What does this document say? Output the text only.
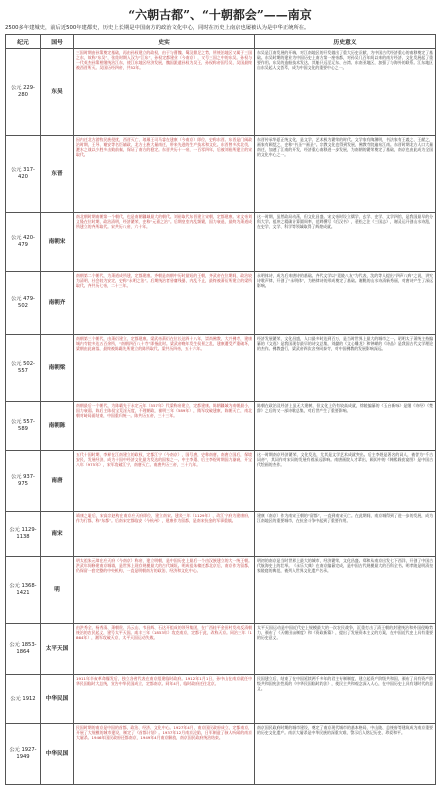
“六朝古都”、“十朝都会”——南京
2500多年建城史，前后近500年建都史，历史上长期是中国南方的政治文化中心，同时在历史上南京也屡被认为是中华正统所在。
纪元	国号	史实	历史意义
公元 229-280	东吴	三国时期由孙策奠定基础，再由孙权建立的政权，由于与曹魏、蜀汉鼎足之势，所统治地区又属于三国之东，故称“东吴”，张纮时期入汉为“江东”，孙权定都建业（今南京），又号三国之中的东吴。孙权与一代英杰孙策相继统治江东，使江东地区经济发展，魏国派遣孙权为吴王，孙权称帝国号吴，吴国最终被西晋所灭。吴国历经四帝，共52年。	东吴是江南发展的开端，对江南地区的开发做出了重大历史贡献，为中国古代经济重心的南移奠定了基础。东吴时期的建业为中国历史上南方第一座帝都，对孙吴几百年间以来的南方经济、文化发展起了重要作用。东吴的造船技术发达，其船只远至辽东、台湾、东南亚地区，加强了与海外的联系。江东地区自东吴起人文荟萃，成为中国文化的重要中心之一。

公元 317-420	东晋	因内迁北方游牧民族侵扰，西晋灭亡，琅琊王司马睿在建康（今南京）即位，史称东晋。东晋是门阀政治时期，王导、谢安等名臣辅政，北方士族大量南迁，带来先进的生产技术和文化。东晋曾多次北伐，淝水之战以少胜多击败前秦，保证了南方的稳定。东晋共历十一帝，一百零四年，后被刘裕所建立的宋取代。	东晋传承华夏正统文化，是文学、艺术极为繁荣的时代。文学家有陶渊明，书法家有王羲之、王献之，画家有顾恺之，史称“书圣”“画圣”。宗教文化也得到发展，佛教寺院遍布江南。东晋时期北方人口大量南迁，加速了江南的开发，经济重心南移进一步发展，为南朝的繁荣奠定了基础，南京也由此成为全国的文化中心之一。

公元 420-479	南朝宋	南北朝时期南朝第一个朝代，也是南朝疆域最大的朝代。刘裕取代东晋建立宋朝，定都建康。宋文帝刘义隆在位时期，政治清明，经济繁荣，史称“元嘉之治”。后期皇室内乱频繁，国力衰退，最终为萧道成所建立的齐所取代。宋共历八帝，六十年。	这一时期，虽然政局动荡，但文化昌盛。宋文帝时设立儒学、玄学、史学、文学四馆，是我国最早的分科大学。祖冲之精确计算圆周率，范晔撰写《后汉书》，裴松之注《三国志》，谢灵运开创山水诗派，在史学、文学、科学等领域取得了辉煌成就。

公元 479-502	南朝齐	南朝第二个朝代，为萧道成所建，定都建康。齐朝是南朝中历时最短的王朝，齐武帝在位期间，政治较为清明，社会较为安定，史称“永明之治”。后期统治者昏庸残暴，内乱不止，最终被萧衍所建立的梁所取代。齐共历七帝，二十三年。	永明体诗，成为后来唐诗的基础。齐代文学以“竟陵八友”为代表，沈约等人提出“四声八病”之说，讲究诗歌声律，开创了“永明体”，为格律诗的形成奠定了基础。谢朓的山水诗清新秀丽，对唐诗产生了深远影响。

公元 502-557	南朝梁	南朝第三个朝代，由萧衍建立，定都建康。梁武帝萧衍在位长达四十八年，崇尚佛教，大兴佛寺，建康城内寺院多达五百余所，“南朝四百八十寺”即指此时。梁武帝晚年发生侯景之乱，建康遭受严重破坏，梁朝由此衰落，最终被陈霸先所建立的陈所取代。梁共历四帝，五十六年。	经济发展繁荣，文化昌盛，人口最多时达到百万，是当时世界上最大的城市之一。昭明太子萧统主持编纂的《文选》是我国现存最早的诗文总集，刘勰的《文心雕龙》和钟嵘的《诗品》是我国古代文学理论的杰作。佛教盛行，梁武帝四次舍身同泰寺，对中国佛教的发展影响深远。

公元 557-589	南朝陈	南朝最后一个朝代，为陈霸先于永定元年（557年）代梁称帝建立，定都建康。陈朝疆域为南朝最小，国力衰弱。陈后主陈叔宝荒淫无度，不理朝政，祯明三年（589年），隋军攻破建康，陈朝灭亡，南北朝对峙局面结束，中国重归统一。陈共历五帝，三十三年。	陈朝在政治及经济上虽无大建树，但文化上仍有较高成就，徐陵编纂的《玉台新咏》是继《诗经》《楚辞》之后的又一部诗歌总集，对后世产生了重要影响。

公元 937-975	南唐	五代十国时期，李昪在江南建立的政权，定都江宁（今南京），国号唐，史称南唐。南唐立国后，保境安民，发展经济，成为十国中经济文化最为发达的国家之一。中主李璟、后主李煜时期国力渐衰，开宝八年（975年），宋军攻破江宁，南唐灭亡。南唐共历三帝，三十九年。	这一时期南京经济繁荣、文化发达，尤其是文学艺术成就突出。后主李煜是著名的词人，被誉为“千古词帝”，其词作对宋词的发展有着深远影响。南唐画院人才辈出，顾闳中的《韩熙载夜宴图》是中国古代绘画的杰作。

公元 1129-1138	南宋	靖康之耻后，宋高宗赵构在南京应天府即位，建立南宋。建炎三年（1129年），改江宁府为建康府，作为行都，称“东都”。后南宋定都临安（今杭州），建康作为留都，是南宋抗金的军事重镇。	建康（南京）作为南宋王朝的“留都”，一直到南宋灭亡。在此期间，南京城得到了进一步的发展，成为江南地区的重要城市，在抗金斗争中起到了重要作用。

公元 1368-1421	明	明太祖朱元璋在应天府（今南京）称帝，建立明朝，是中国历史上最后一个由汉族建立的大一统王朝。洪武年间修建南京城墙，是世界上现存规模最大的古代城垣。明成祖朱棣迁都北京后，南京作为留都，仍保留一套完整的中央机构，一直是明朝南方的政治、经济和文化中心。	明初的南京是当时世界上最大的城市，经济繁荣，文化昌盛。郑和从南京出发七下西洋，开创了中国古代航海史上的壮举。《永乐大典》在南京编纂完成，是中国古代规模最大的百科全书。明孝陵是明清皇家陵寝的典范，被列入世界文化遗产名录。

公元 1853-1864	太平天国	由洪秀全、杨秀清、萧朝贵、冯云山、韦昌辉、石达开组成的领导集团，在广西桂平金田村发动反清朝统治的农民起义，建号太平天国。咸丰三年（1853年）攻克南京，定都于此，改称天京。同治三年（1864年），湘军攻破天京，太平天国运动失败。	太平天国运动是中国近代史上规模最大的一次农民战争，沉重打击了清王朝的封建统治和外国侵略势力，颁布了《天朝田亩制度》和《资政新篇》，提出了发展资本主义的方案，在中国近代史上具有重要的历史意义。

公元 1912	中华民国	1911年辛亥革命爆发后，独立各省代表在南京组建临时政府。1912年1月1日，孙中山在南京就任中华民国临时大总统，宣告中华民国成立，定都南京。同年4月，临时政府迁往北京。	民国建立后，结束了在中国延续两千多年的君主专制制度，建立起资产阶级共和国，颁布了具有资产阶级共和国宪法性质的《中华民国临时约法》，使民主共和观念深入人心，在中国历史上具有划时代的意义。

公元 1927-1949	中华民国	民国时期的南京是中国的首都，政治、经济、文化中心。1927年4月，南京国民政府成立，定都南京，开展了大规模的城市建设，制定了《首都计划》。1937年12月南京沦陷，日军制造了骇人听闻的南京大屠杀。1946年国民政府还都南京，1949年4月南京解放，南京国民政府统治结束。	南京国民政府时期的城市建设，奠定了南京现代城市的基本格局，中山陵、总统府等建筑成为南京重要的历史文化遗产。南京大屠杀是中华民族的深重灾难，警示后人铭记历史、珍爱和平。
